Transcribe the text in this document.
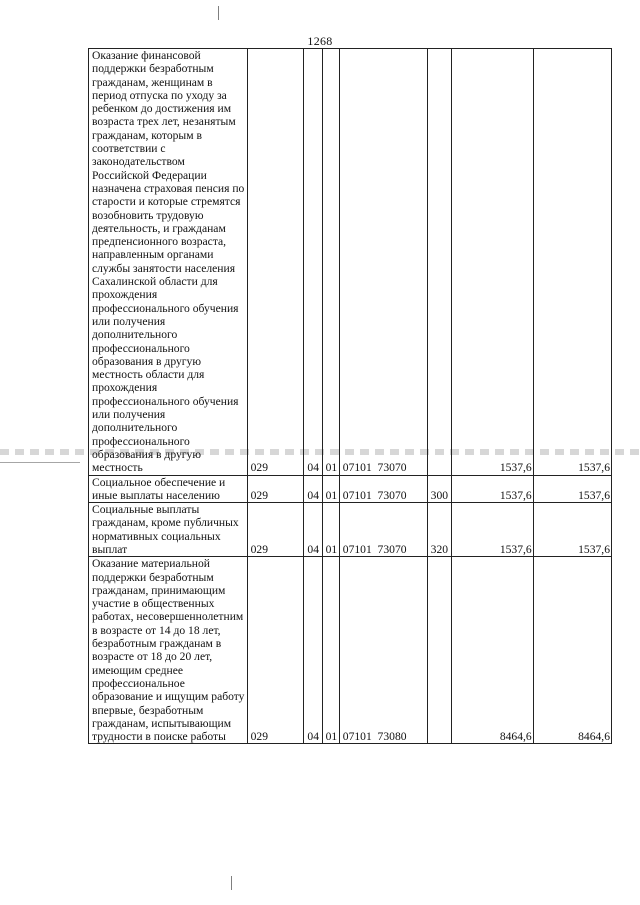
1268
Оказание финансовой поддержки безработным гражданам, женщинам в период отпуска по уходу за ребенком до достижения им возраста трех лет, незанятым гражданам, которым в соответствии с законодательством Российской Федерации назначена страховая пенсия по старости и которые стремятся возобновить трудовую деятельность, и гражданам предпенсионного возраста, направленным органами службы занятости населения Сахалинской области для прохождения профессионального обучения или получения дополнительного профессионального образования в другую местность области для прохождения профессионального обучения или получения дополнительного профессионального образования в другую местность	029	04	01	07101  73070		1537,6	1537,6
Социальное обеспечение и иные выплаты населению	029	04	01	07101  73070	300	1537,6	1537,6
Социальные выплаты гражданам, кроме публичных нормативных социальных выплат	029	04	01	07101  73070	320	1537,6	1537,6
Оказание материальной поддержки безработным гражданам, принимающим участие в общественных работах, несовершеннолетним в возрасте от 14 до 18 лет, безработным гражданам в возрасте от 18 до 20 лет, имеющим среднее профессиональное образование и ищущим работу впервые, безработным гражданам, испытывающим трудности в поиске работы	029	04	01	07101  73080		8464,6	8464,6
